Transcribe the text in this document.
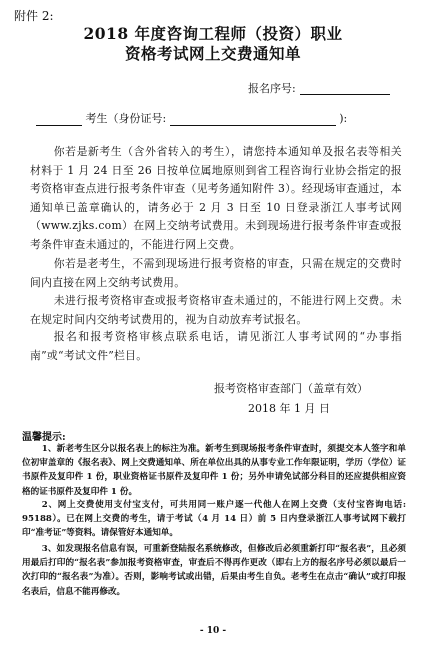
附件 2:
2018 年度咨询工程师（投资）职业
资格考试网上交费通知单
报名序号:
考生（身份证号:	):
你若是新考生（含外省转入的考生），请您持本通知单及报名表等相关材料于 1 月 24 日至 26 日按单位属地原则到省工程咨询行业协会指定的报考资格审查点进行报考条件审查（见考务通知附件 3）。经现场审查通过，本通知单已盖章确认的，请务必于 2 月 3 日至 10 日登录浙江人事考试网（www.zjks.com）在网上交纳考试费用。未到现场进行报考条件审查或报考条件审查未通过的，不能进行网上交费。
你若是老考生，不需到现场进行报考资格的审查，只需在规定的交费时间内直接在网上交纳考试费用。
未进行报考资格审查或报考资格审查未通过的，不能进行网上交费。未在规定时间内交纳考试费用的，视为自动放弃考试报名。
报名和报考资格审核点联系电话，请见浙江人事考试网的“办事指南”或“考试文件”栏目。
报考资格审查部门（盖章有效）
2018 年 1 月 日
温馨提示:
1、新老考生区分以报名表上的标注为准。新考生到现场报考条件审查时，须提交本人签字和单位初审盖章的《报名表》、网上交费通知单、所在单位出具的从事专业工作年限证明，学历（学位）证书原件及复印件 1 份，职业资格证书原件及复印件 1 份；另外申请免试部分科目的还应提供相应资格的证书原件及复印件 1 份。
2、网上交费使用支付宝支付，可共用同一账户逐一代他人在网上交费（支付宝咨询电话: 95188）。已在网上交费的考生，请于考试（4 月 14 日）前 5 日内登录浙江人事考试网下载打印“准考证”等资料。请保管好本通知单。
3、如发现报名信息有误，可重新登陆报名系统修改，但修改后必须重新打印“报名表”，且必须用最后打印的“报名表”参加报考资格审查，审查后不得再作更改（即右上方的报名序号必须以最后一次打印的“报名表”为准）。否则，影响考试或出错，后果由考生自负。老考生在点击“确认”或打印报名表后，信息不能再修改。
- 10 -
